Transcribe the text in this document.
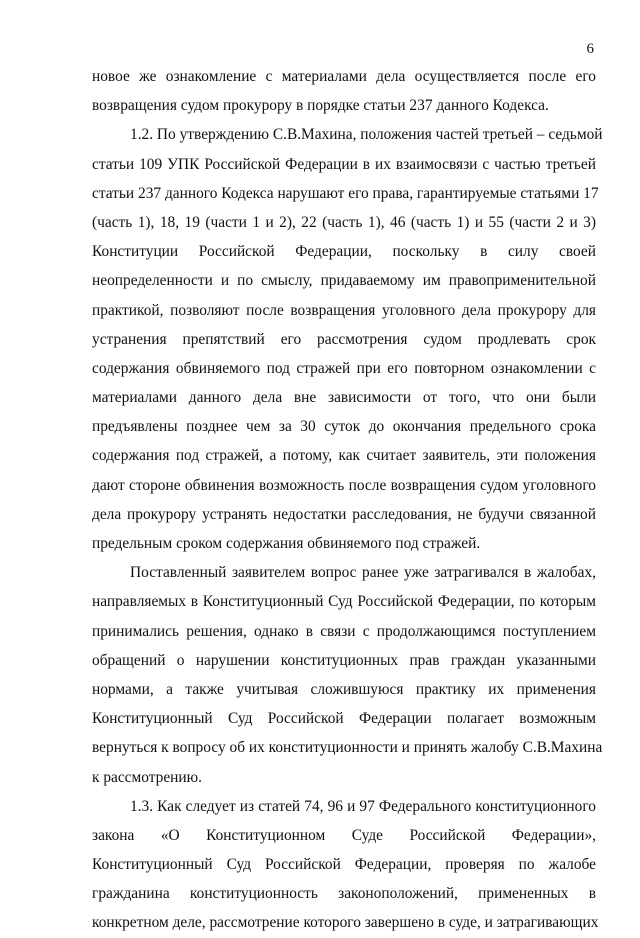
6
новое же ознакомление с материалами дела осуществляется после его
возвращения судом прокурору в порядке статьи 237 данного Кодекса.
1.2. По утверждению С.В.Махина, положения частей третьей – седьмой
статьи 109 УПК Российской Федерации в их взаимосвязи с частью третьей
статьи 237 данного Кодекса нарушают его права, гарантируемые статьями 17
(часть 1), 18, 19 (части 1 и 2), 22 (часть 1), 46 (часть 1) и 55 (части 2 и 3)
Конституции Российской Федерации, поскольку в силу своей
неопределенности и по смыслу, придаваемому им правоприменительной
практикой, позволяют после возвращения уголовного дела прокурору для
устранения препятствий его рассмотрения судом продлевать срок
содержания обвиняемого под стражей при его повторном ознакомлении с
материалами данного дела вне зависимости от того, что они были
предъявлены позднее чем за 30 суток до окончания предельного срока
содержания под стражей, а потому, как считает заявитель, эти положения
дают стороне обвинения возможность после возвращения судом уголовного
дела прокурору устранять недостатки расследования, не будучи связанной
предельным сроком содержания обвиняемого под стражей.
Поставленный заявителем вопрос ранее уже затрагивался в жалобах,
направляемых в Конституционный Суд Российской Федерации, по которым
принимались решения, однако в связи с продолжающимся поступлением
обращений о нарушении конституционных прав граждан указанными
нормами, а также учитывая сложившуюся практику их применения
Конституционный Суд Российской Федерации полагает возможным
вернуться к вопросу об их конституционности и принять жалобу С.В.Махина
к рассмотрению.
1.3. Как следует из статей 74, 96 и 97 Федерального конституционного
закона «О Конституционном Суде Российской Федерации»,
Конституционный Суд Российской Федерации, проверяя по жалобе
гражданина конституционность законоположений, примененных в
конкретном деле, рассмотрение которого завершено в суде, и затрагивающих
